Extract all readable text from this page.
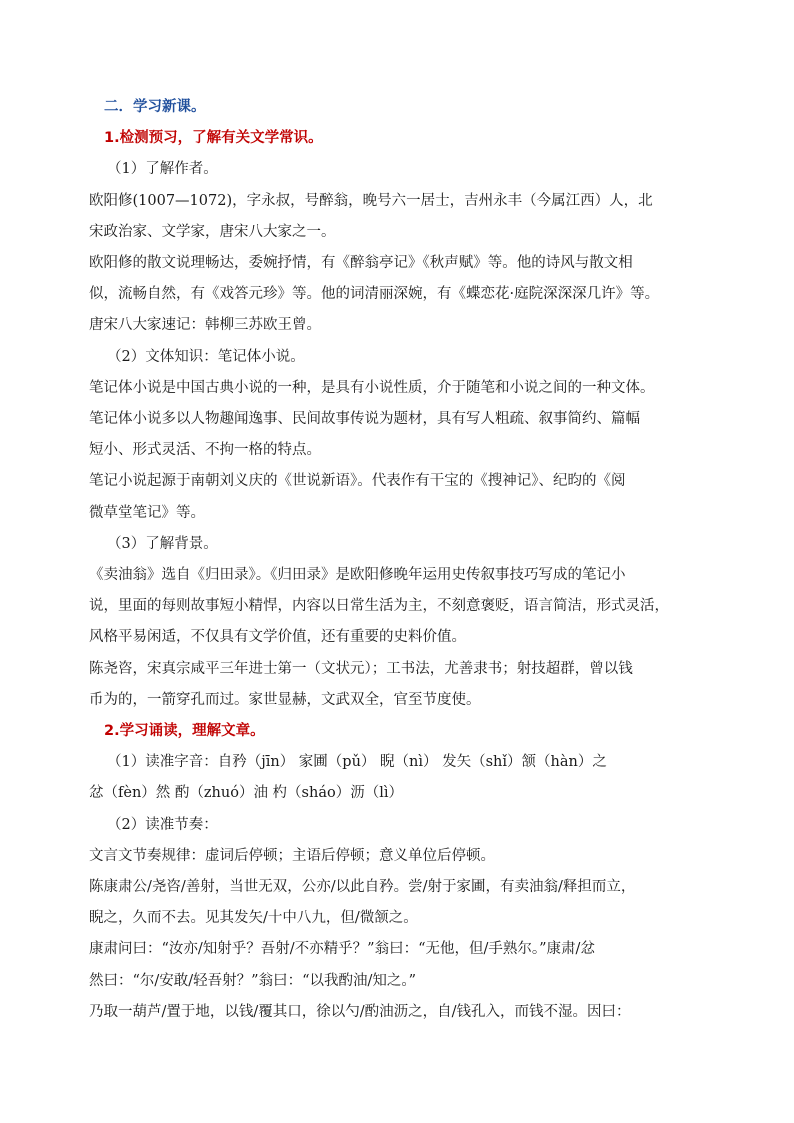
二．学习新课。
1.检测预习，了解有关文学常识。
（1）了解作者。
欧阳修(1007—1072)，字永叔，号醉翁，晚号六一居士，吉州永丰（今属江西）人，北
宋政治家、文学家，唐宋八大家之一。
欧阳修的散文说理畅达，委婉抒情，有《醉翁亭记》《秋声赋》等。他的诗风与散文相
似，流畅自然，有《戏答元珍》等。他的词清丽深婉，有《蝶恋花·庭院深深深几许》等。
唐宋八大家速记：韩柳三苏欧王曾。
（2）文体知识：笔记体小说。
笔记体小说是中国古典小说的一种，是具有小说性质，介于随笔和小说之间的一种文体。
笔记体小说多以人物趣闻逸事、民间故事传说为题材，具有写人粗疏、叙事简约、篇幅
短小、形式灵活、不拘一格的特点。
笔记小说起源于南朝刘义庆的《世说新语》。代表作有干宝的《搜神记》、纪昀的《阅
微草堂笔记》等。
（3）了解背景。
《卖油翁》选自《归田录》。《归田录》是欧阳修晚年运用史传叙事技巧写成的笔记小
说，里面的每则故事短小精悍，内容以日常生活为主，不刻意褒贬，语言简洁，形式灵活，
风格平易闲适，不仅具有文学价值，还有重要的史料价值。
陈尧咨，宋真宗咸平三年进士第一（文状元）；工书法，尤善隶书；射技超群，曾以钱
币为的，一箭穿孔而过。家世显赫，文武双全，官至节度使。
2.学习诵读，理解文章。
（1）读准字音：自矜（jīn） 家圃（pǔ） 睨（nì） 发矢（shǐ）颔（hàn）之
忿（fèn）然 酌（zhuó）油 杓（sháo）沥（lì）
（2）读准节奏：
文言文节奏规律：虚词后停顿；主语后停顿；意义单位后停顿。
陈康肃公/尧咨/善射，当世无双，公亦/以此自矜。尝/射于家圃，有卖油翁/释担而立，
睨之，久而不去。见其发矢/十中八九，但/微颔之。
康肃问曰：“汝亦/知射乎？吾射/不亦精乎？”翁曰：“无他，但/手熟尔。”康肃/忿
然曰：“尔/安敢/轻吾射？”翁曰：“以我酌油/知之。”
乃取一葫芦/置于地，以钱/覆其口，徐以勺/酌油沥之，自/钱孔入，而钱不湿。因曰：
